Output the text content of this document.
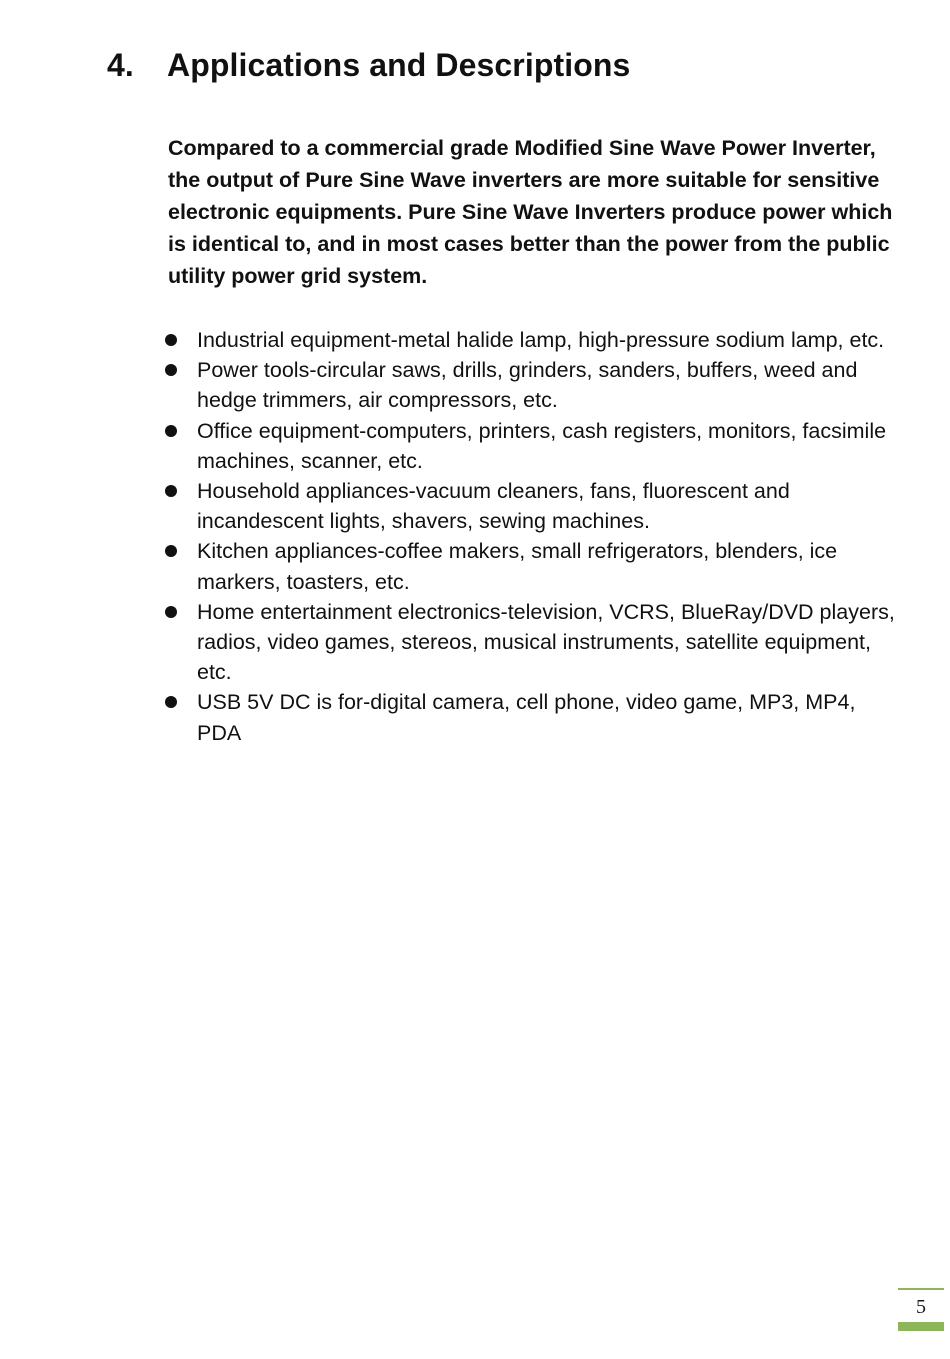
4.	Applications and Descriptions

Compared to a commercial grade Modified Sine Wave Power Inverter, the output of Pure Sine Wave inverters are more suitable for sensitive electronic equipments. Pure Sine Wave Inverters produce power which is identical to, and in most cases better than the power from the public utility power grid system.

Industrial equipment-metal halide lamp, high-pressure sodium lamp, etc.
Power tools-circular saws, drills, grinders, sanders, buffers, weed and hedge trimmers, air compressors, etc.
Office equipment-computers, printers, cash registers, monitors, facsimile machines, scanner, etc.
Household appliances-vacuum cleaners, fans, fluorescent and incandescent lights, shavers, sewing machines.
Kitchen appliances-coffee makers, small refrigerators, blenders, ice markers, toasters, etc.
Home entertainment electronics-television, VCRS, BlueRay/DVD players, radios, video games, stereos, musical instruments, satellite equipment, etc.
USB 5V DC is for-digital camera, cell phone, video game, MP3, MP4, PDA
5
